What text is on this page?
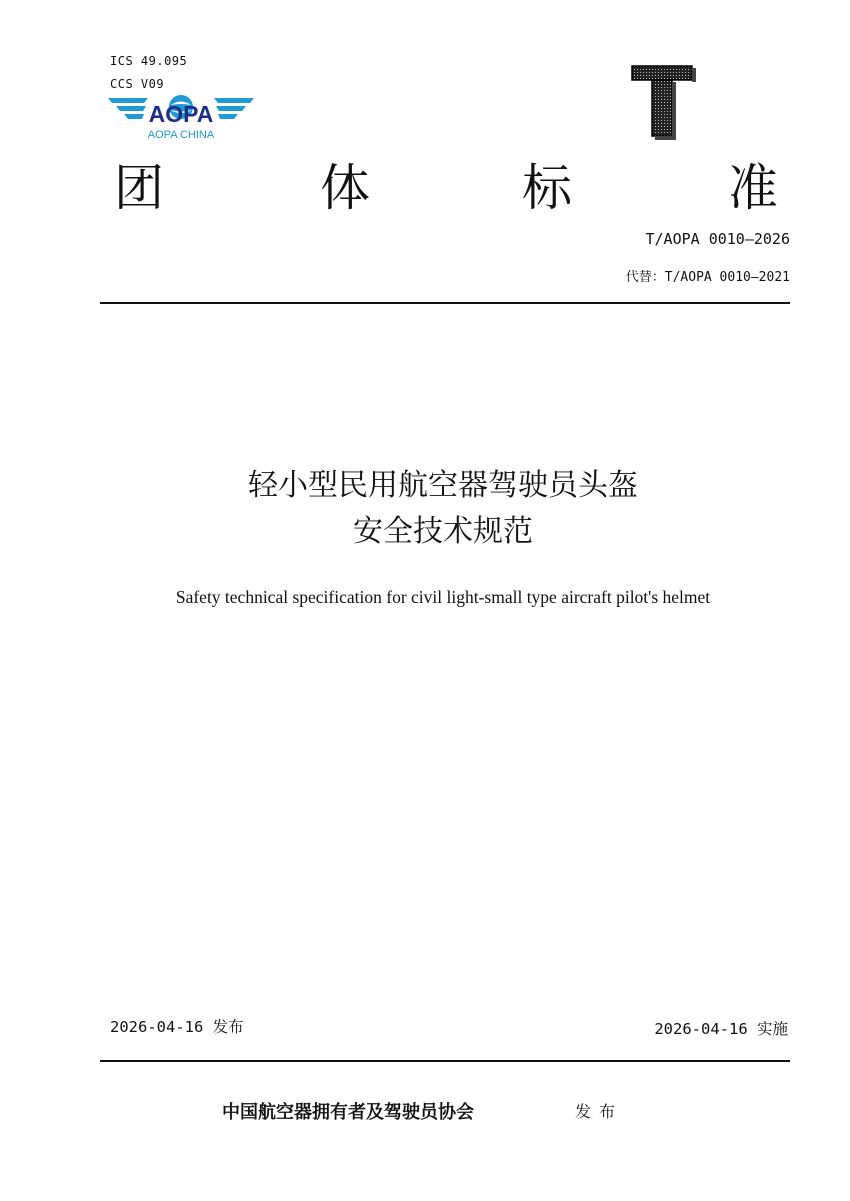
ICS 49.095
CCS V09
AOPA
AOPA CHINA
团	体	标	准
T/AOPA 0010—2026
代替：T/AOPA 0010—2021
轻小型民用航空器驾驶员头盔
安全技术规范
Safety technical specification for civil light-small type aircraft pilot's helmet
2026-04-16 发布	2026-04-16 实施
中国航空器拥有者及驾驶员协会	发布
